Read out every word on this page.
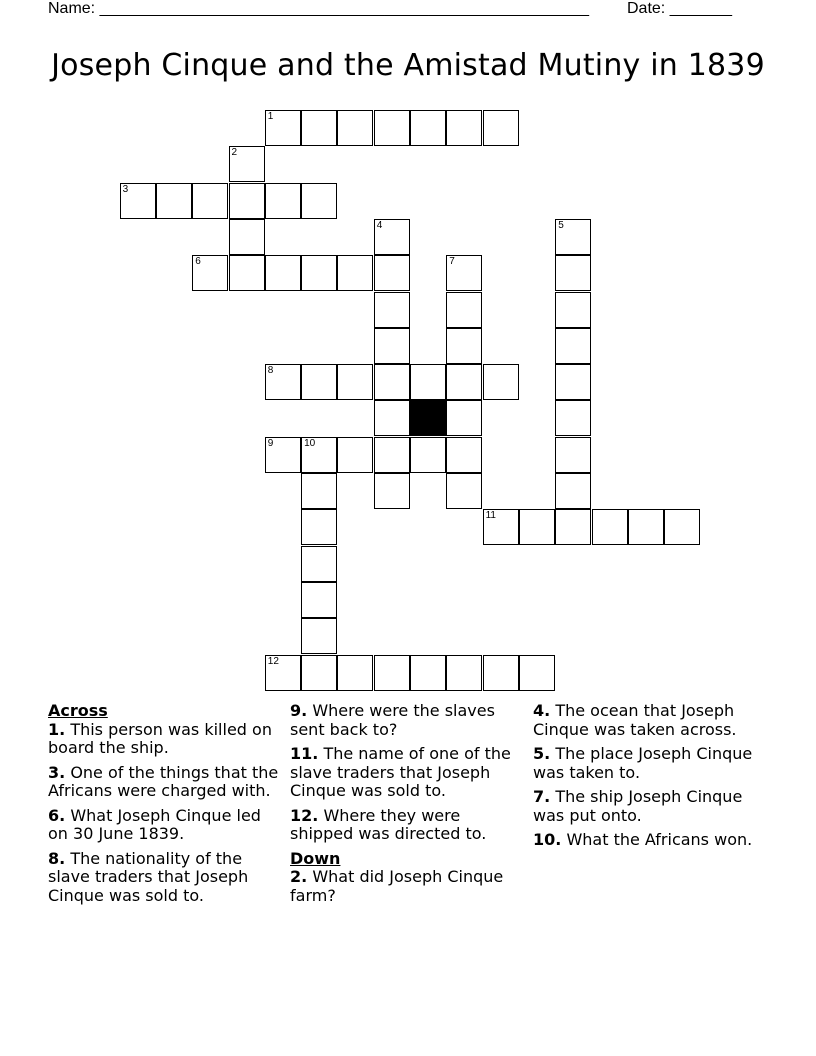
Name: _______________________________________________________ Date: _______
Joseph Cinque and the Amistad Mutiny in 1839
1
2
3
4	5
6	7
8
9	10
11
12
Across
1. This person was killed on board the ship.
3. One of the things that the Africans were charged with.
6. What Joseph Cinque led on 30 June 1839.
8. The nationality of the slave traders that Joseph Cinque was sold to.
9. Where were the slaves sent back to?
11. The name of one of the slave traders that Joseph Cinque was sold to.
12. Where they were shipped was directed to.
Down
2. What did Joseph Cinque farm?
4. The ocean that Joseph Cinque was taken across.
5. The place Joseph Cinque was taken to.
7. The ship Joseph Cinque was put onto.
10. What the Africans won.
